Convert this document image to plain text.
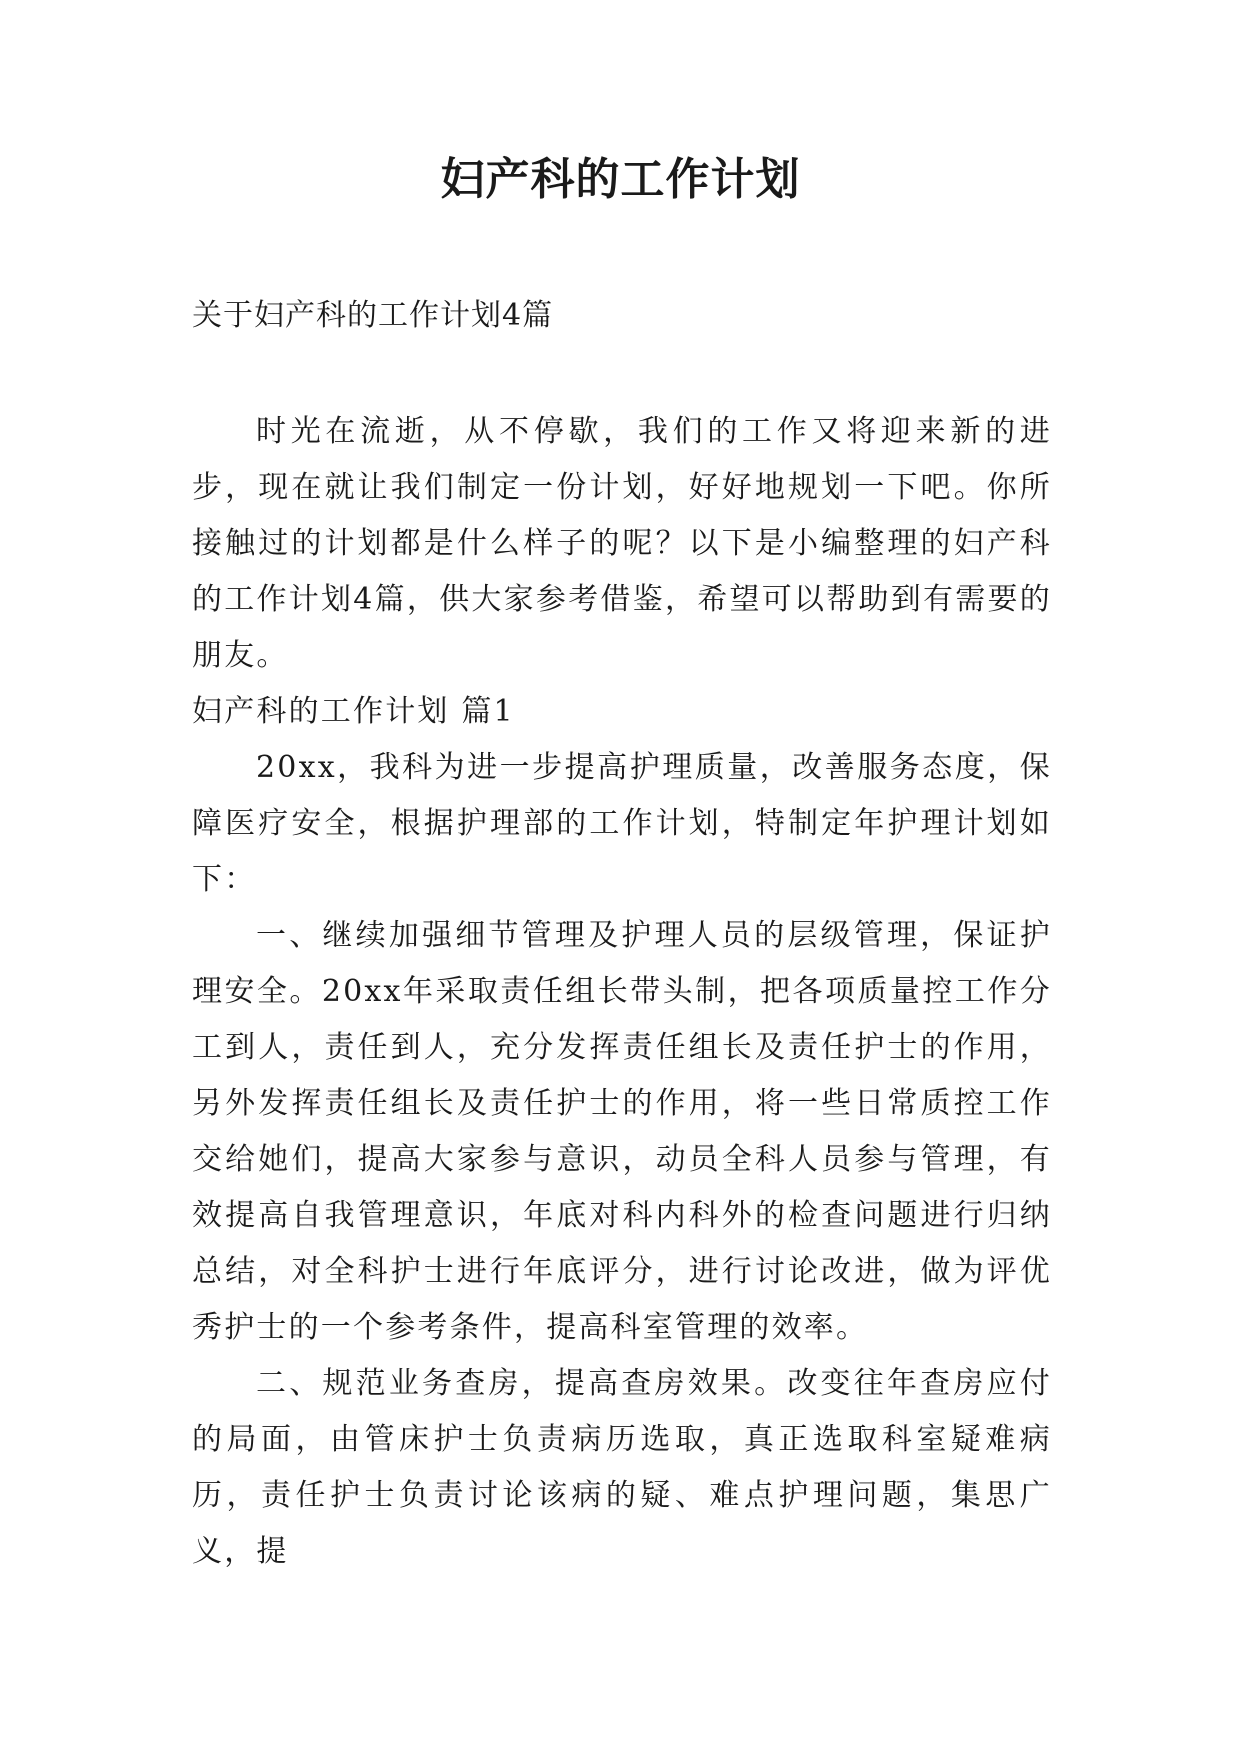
妇产科的工作计划
关于妇产科的工作计划4篇

时光在流逝，从不停歇，我们的工作又将迎来新的进步，现在就让我们制定一份计划，好好地规划一下吧。你所接触过的计划都是什么样子的呢？以下是小编整理的妇产科的工作计划4篇，供大家参考借鉴，希望可以帮助到有需要的朋友。

妇产科的工作计划 篇1

20xx，我科为进一步提高护理质量，改善服务态度，保障医疗安全，根据护理部的工作计划，特制定年护理计划如下：

一、继续加强细节管理及护理人员的层级管理，保证护理安全。20xx年采取责任组长带头制，把各项质量控工作分工到人，责任到人，充分发挥责任组长及责任护士的作用，另外发挥责任组长及责任护士的作用，将一些日常质控工作交给她们，提高大家参与意识，动员全科人员参与管理，有效提高自我管理意识，年底对科内科外的检查问题进行归纳总结，对全科护士进行年底评分，进行讨论改进，做为评优秀护士的一个参考条件，提高科室管理的效率。

二、规范业务查房，提高查房效果。改变往年查房应付的局面，由管床护士负责病历选取，真正选取科室疑难病历，责任护士负责讨论该病的疑、难点护理问题，集思广义，提
